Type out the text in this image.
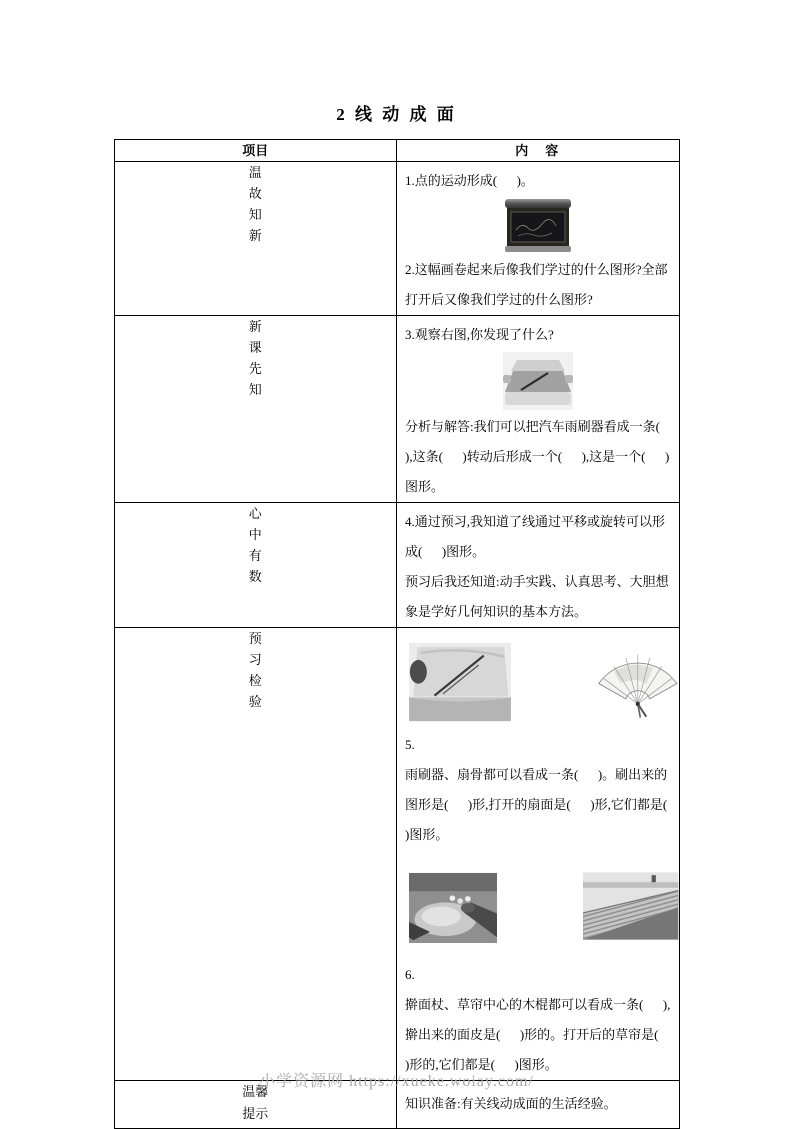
2 线 动 成 面
项目	内　容
温故知新	1.点的运动形成(      )。

2.这幅画卷起来后像我们学过的什么图形?全部打开后又像我们学过的什么图形?

新课先知	3.观察右图,你发现了什么?

分析与解答:我们可以把汽车雨刷器看成一条(      ),这条(      )转动后形成一个(      ),这是一个(      )图形。

心中有数	4.通过预习,我知道了线通过平移或旋转可以形成(      )图形。

预习后我还知道:动手实践、认真思考、大胆想象是学好几何知识的基本方法。

预习检验	5.

雨刷器、扇骨都可以看成一条(      )。刷出来的图形是(      )形,打开的扇面是(      )形,它们都是(      )图形。

6.

擀面杖、草帘中心的木棍都可以看成一条(      ),擀出来的面皮是(      )形的。打开后的草帘是(      )形的,它们都是(      )图形。

温馨提示	知识准备:有关线动成面的生活经验。

小学资源网 https://xueke.woiay.com/
